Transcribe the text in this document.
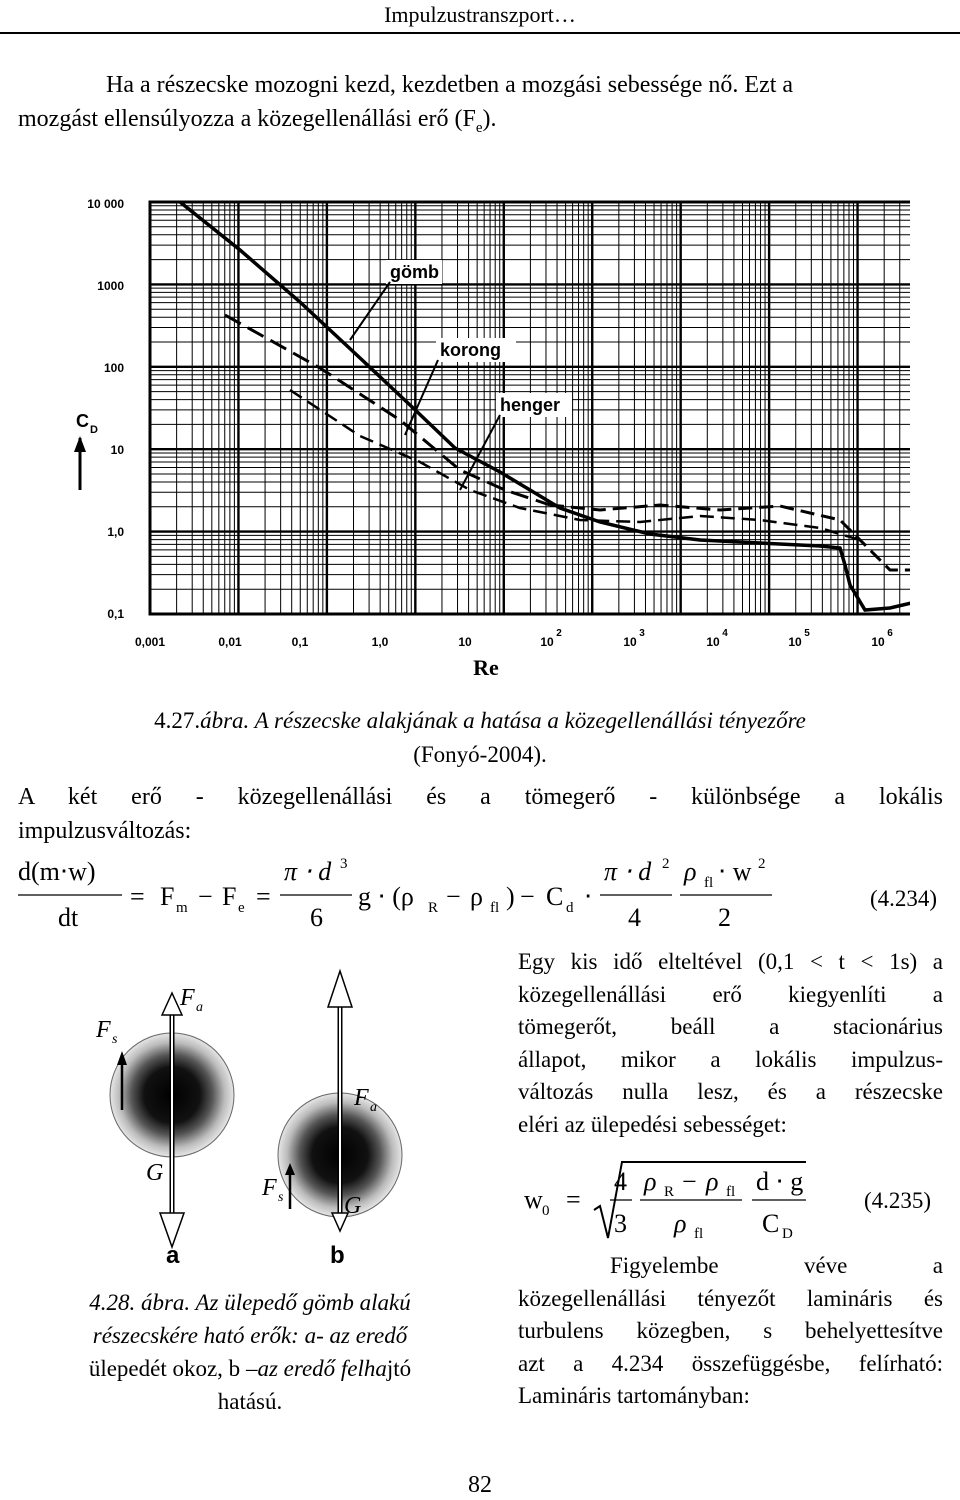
Impulzustranszport…
Ha a részecske mozogni kezd, kezdetben a mozgási sebessége nő. Ezt a
mozgást ellensúlyozza a közegellenállási erő $(F_e)$.
gömb
korong
henger
10 000
1000
100
10
1,0
0,1
C D
0,001	0,01	0,1	1,0	10	10
2
10
3
10
4
10
5
10
6
Re
4.27.ábra. A részecske alakjának a hatása a közegellenállási tényezőre
(Fonyó-2004).
A két erő - közegellenállási és a tömegerő - különbsége a lokális
impulzusváltozás:
d(m⋅w)
dt
= F m − F e =
π ⋅ d 3
6
g ⋅ (ρ R − ρ fl ) − C d ⋅
π ⋅ d 2
4
ρ fl ⋅ w 2
2
(4.234)
Egy kis idő elteltével (0,1 < t < 1s) a
közegellenállási erő kiegyenlíti a
tömegerőt, beáll a stacionárius
állapot, mikor a lokális impulzus-
változás nulla lesz, és a részecske
eléri az ülepedési sebességet:
w 0 =
4
3
ρ R − ρ fl
ρ fl
d ⋅ g
C D
(4.235)
Figyelembe véve a
közegellenállási tényezőt lamináris és
turbulens közegben, s behelyettesítve
azt a 4.234 összefüggésbe, felírható:
Lamináris tartományban:
F s
F a
G
a
F a
F s	G
b
4.28. ábra. Az ülepedő gömb alakú
részecskére ható erők: a- az eredő
ülepedét okoz, b –az eredő felhajtó
hatású.
82
